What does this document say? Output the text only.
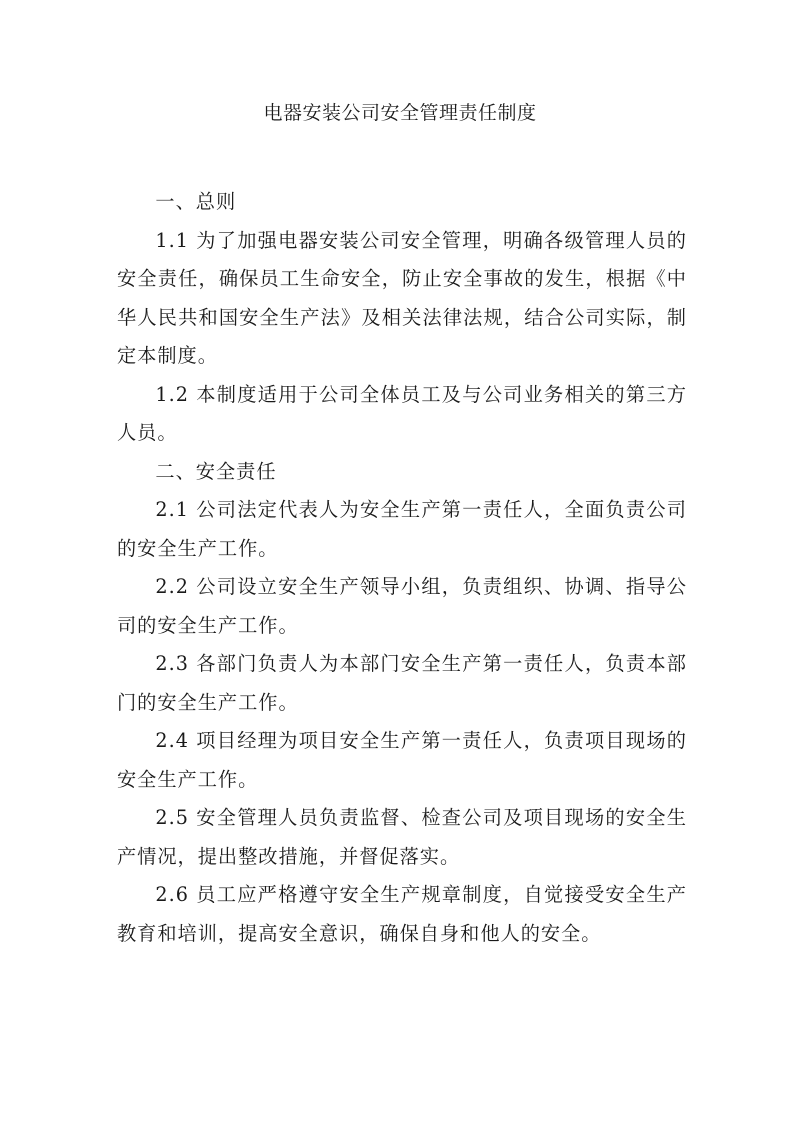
电器安装公司安全管理责任制度

一、总则

1.1 为了加强电器安装公司安全管理，明确各级管理人员的安全责任，确保员工生命安全，防止安全事故的发生，根据《中华人民共和国安全生产法》及相关法律法规，结合公司实际，制定本制度。

1.2 本制度适用于公司全体员工及与公司业务相关的第三方人员。

二、安全责任

2.1 公司法定代表人为安全生产第一责任人，全面负责公司的安全生产工作。

2.2 公司设立安全生产领导小组，负责组织、协调、指导公司的安全生产工作。

2.3 各部门负责人为本部门安全生产第一责任人，负责本部门的安全生产工作。

2.4 项目经理为项目安全生产第一责任人，负责项目现场的安全生产工作。

2.5 安全管理人员负责监督、检查公司及项目现场的安全生产情况，提出整改措施，并督促落实。

2.6 员工应严格遵守安全生产规章制度，自觉接受安全生产教育和培训，提高安全意识，确保自身和他人的安全。
